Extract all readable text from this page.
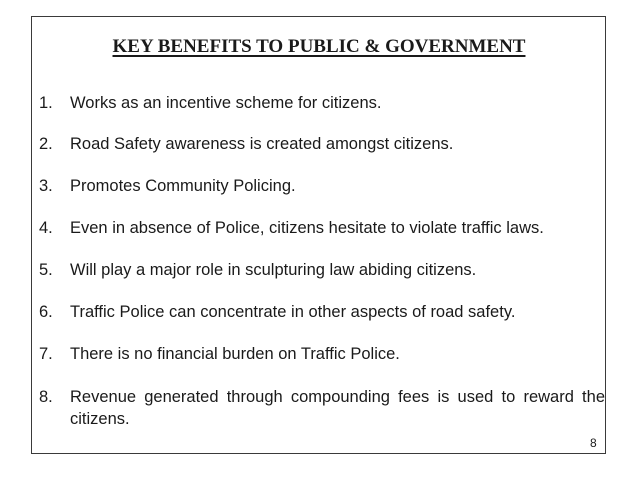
KEY BENEFITS TO PUBLIC & GOVERNMENT
1.	Works as an incentive scheme for citizens.
2.	Road Safety awareness is created amongst citizens.
3.	Promotes Community Policing.
4.	Even in absence of Police, citizens hesitate to violate traffic laws.
5.	Will play a major role in sculpturing law abiding citizens.
6.	Traffic Police can concentrate in other aspects of road safety.
7.	There is no financial burden on Traffic Police.
8.	Revenue generated through compounding fees is used to reward the citizens.
8
